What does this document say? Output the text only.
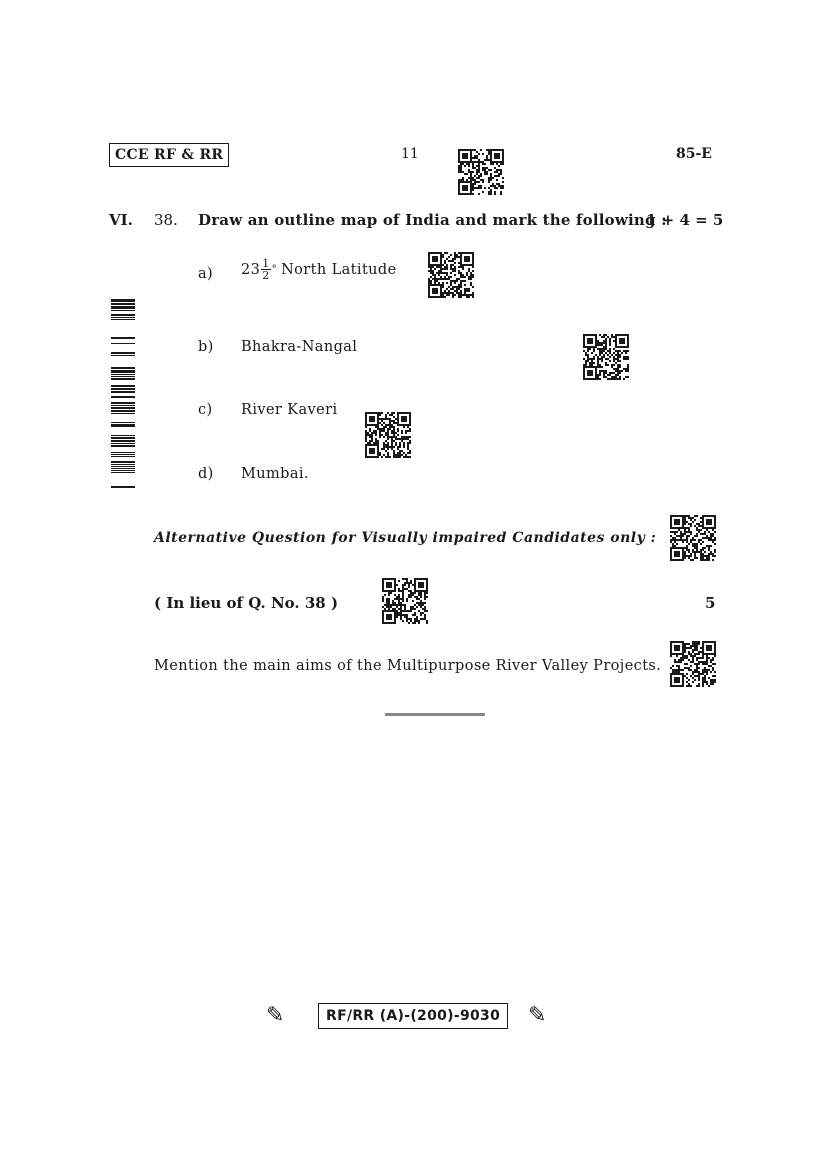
CCE RF & RR	11	85-E
VI. 38. Draw an outline map of India and mark the following :
1 + 4 = 5
a) $23 \frac{1}{2}$ ° North Latitude
b) Bhakra-Nangal
c) River Kaveri
d) Mumbai.
Alternative Question for Visually impaired Candidates only :
( In lieu of Q. No. 38 )	5
Mention the main aims of the Multipurpose River Valley Projects.
✎	RF/RR (A)-(200)-9030	✎
